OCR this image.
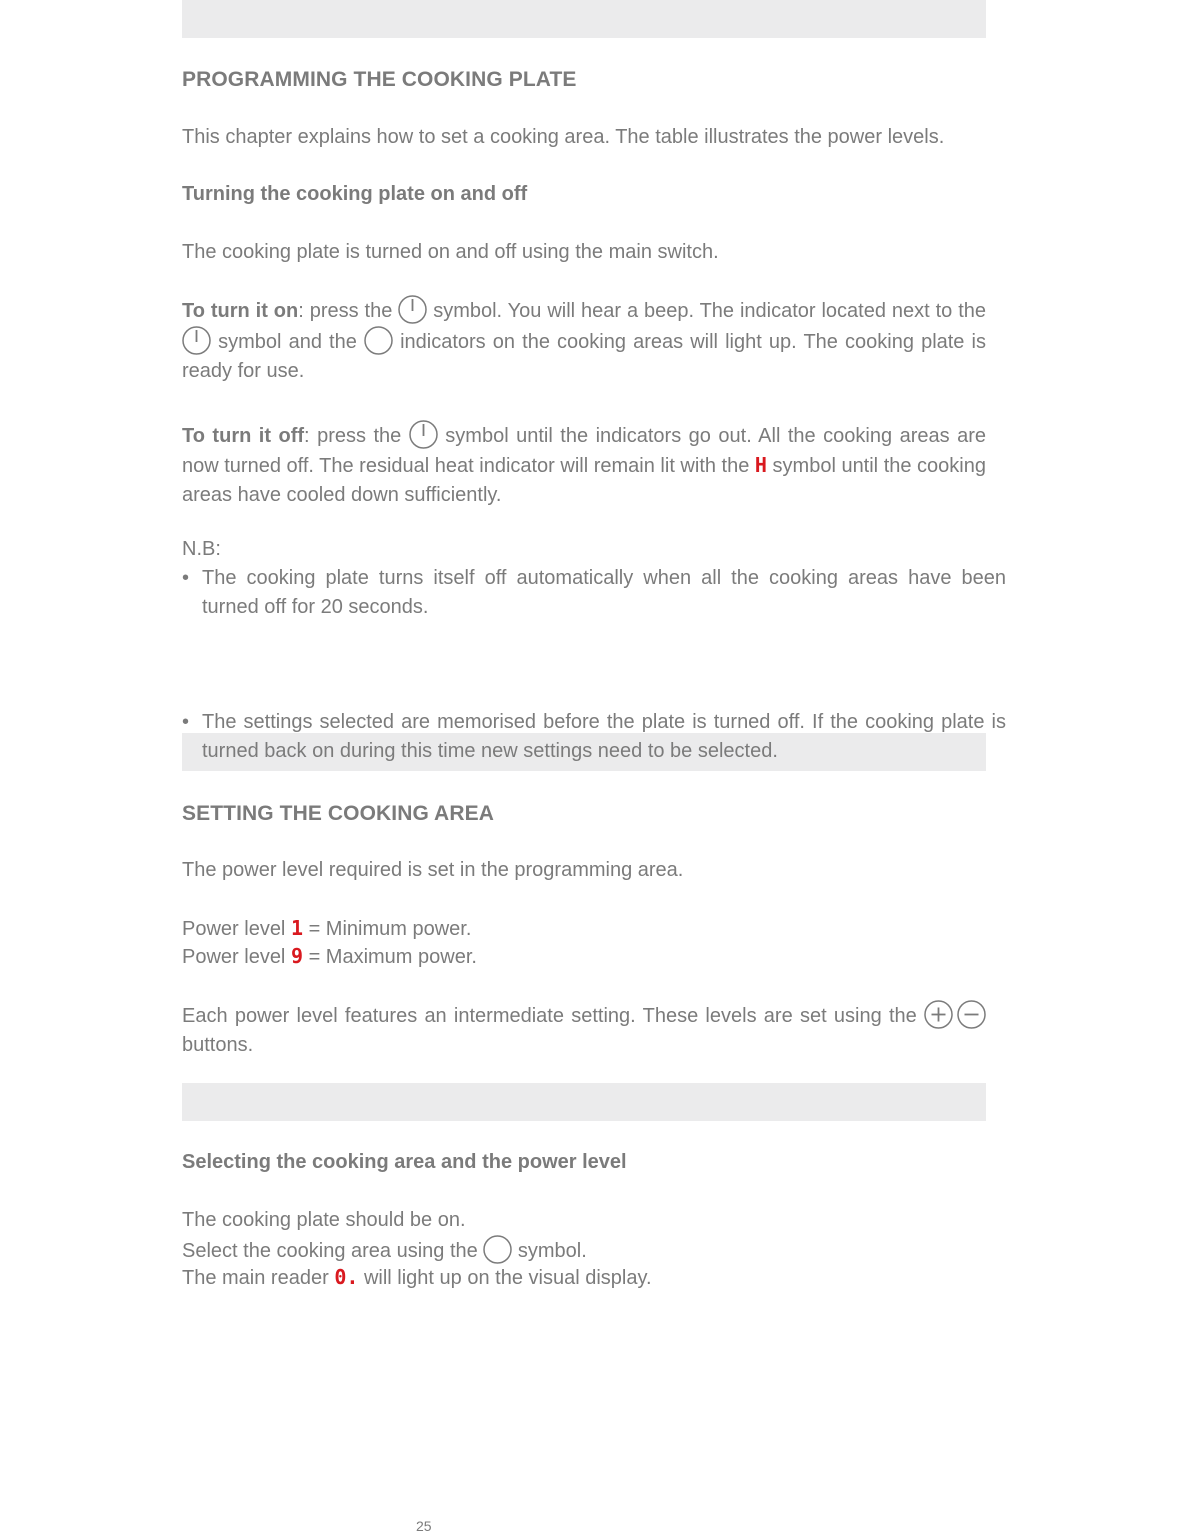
PROGRAMMING THE COOKING PLATE
This chapter explains how to set a cooking area. The table illustrates the power levels.
Turning the cooking plate on and off
The cooking plate is turned on and off using the main switch.
To turn it on: press the symbol. You will hear a beep. The indicator located next to the
symbol and the indicators on the cooking areas will light up. The cooking plate is ready for use.
To turn it off: press the symbol until the indicators go out. All the cooking areas are now turned off. The residual heat indicator will remain lit with the H symbol until the cooking areas have cooled down sufficiently.
N.B:
• The cooking plate turns itself off automatically when all the cooking areas have been turned off for 20 seconds.
• The settings selected are memorised before the plate is turned off. If the cooking plate is turned back on during this time new settings need to be selected.
SETTING THE COOKING AREA
The power level required is set in the programming area.
Power level 1 = Minimum power.
Power level 9 = Maximum power.
Each power level features an intermediate setting. These levels are set using the
buttons.
Selecting the cooking area and the power level
The cooking plate should be on.
Select the cooking area using the symbol.
The main reader 0. will light up on the visual display.
25
